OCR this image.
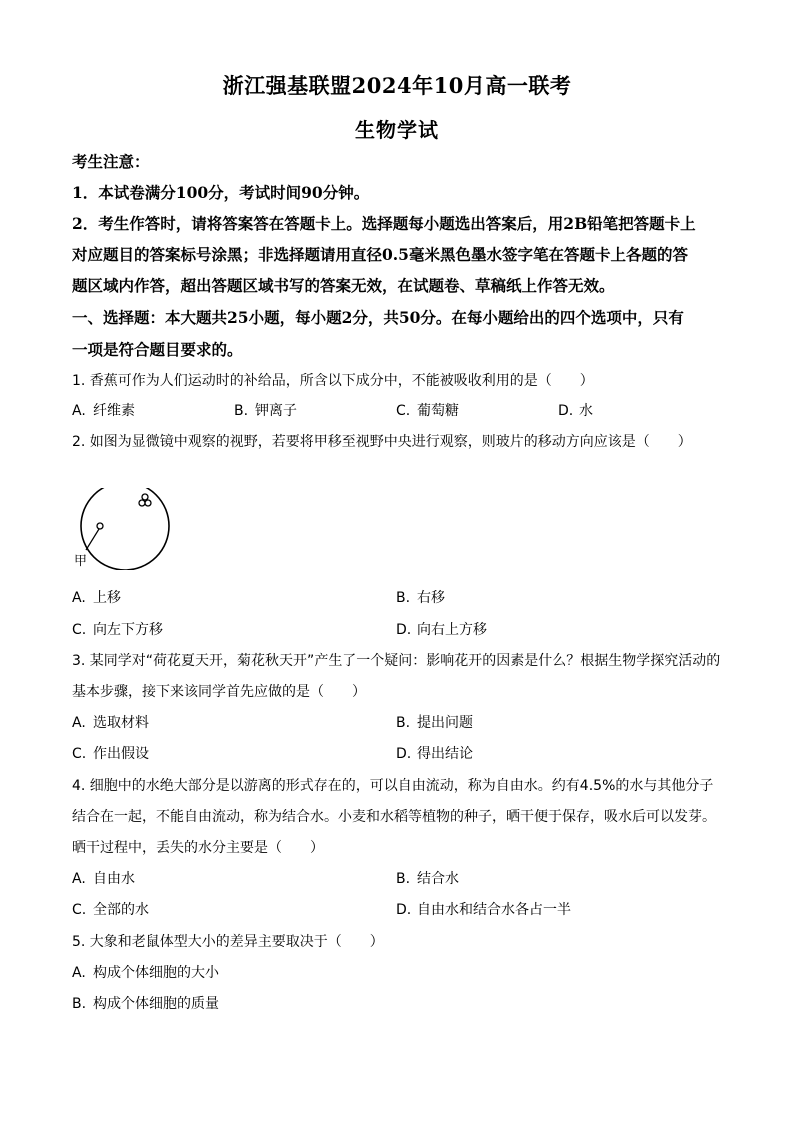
浙江强基联盟2024年10月高一联考
生物学试
考生注意：
1．本试卷满分100分，考试时间90分钟。
2．考生作答时，请将答案答在答题卡上。选择题每小题选出答案后，用2B铅笔把答题卡上
对应题目的答案标号涂黑；非选择题请用直径0.5毫米黑色墨水签字笔在答题卡上各题的答
题区域内作答，超出答题区域书写的答案无效，在试题卷、草稿纸上作答无效。
一、选择题：本大题共25小题，每小题2分，共50分。在每小题给出的四个选项中，只有
一项是符合题目要求的。
1. 香蕉可作为人们运动时的补给品，所含以下成分中，不能被吸收利用的是（　　）
A. 纤维素	B. 钾离子	C. 葡萄糖	D. 水
2. 如图为显微镜中观察的视野，若要将甲移至视野中央进行观察，则玻片的移动方向应该是（　　）
甲
A. 上移	B. 右移
C. 向左下方移	D. 向右上方移
3. 某同学对“荷花夏天开，菊花秋天开”产生了一个疑问：影响花开的因素是什么？根据生物学探究活动的
基本步骤，接下来该同学首先应做的是（　　）
A. 选取材料	B. 提出问题
C. 作出假设	D. 得出结论
4. 细胞中的水绝大部分是以游离的形式存在的，可以自由流动，称为自由水。约有4.5%的水与其他分子
结合在一起，不能自由流动，称为结合水。小麦和水稻等植物的种子，晒干便于保存，吸水后可以发芽。
晒干过程中，丢失的水分主要是（　　）
A. 自由水	B. 结合水
C. 全部的水	D. 自由水和结合水各占一半
5. 大象和老鼠体型大小的差异主要取决于（　　）
A. 构成个体细胞的大小
B. 构成个体细胞的质量
